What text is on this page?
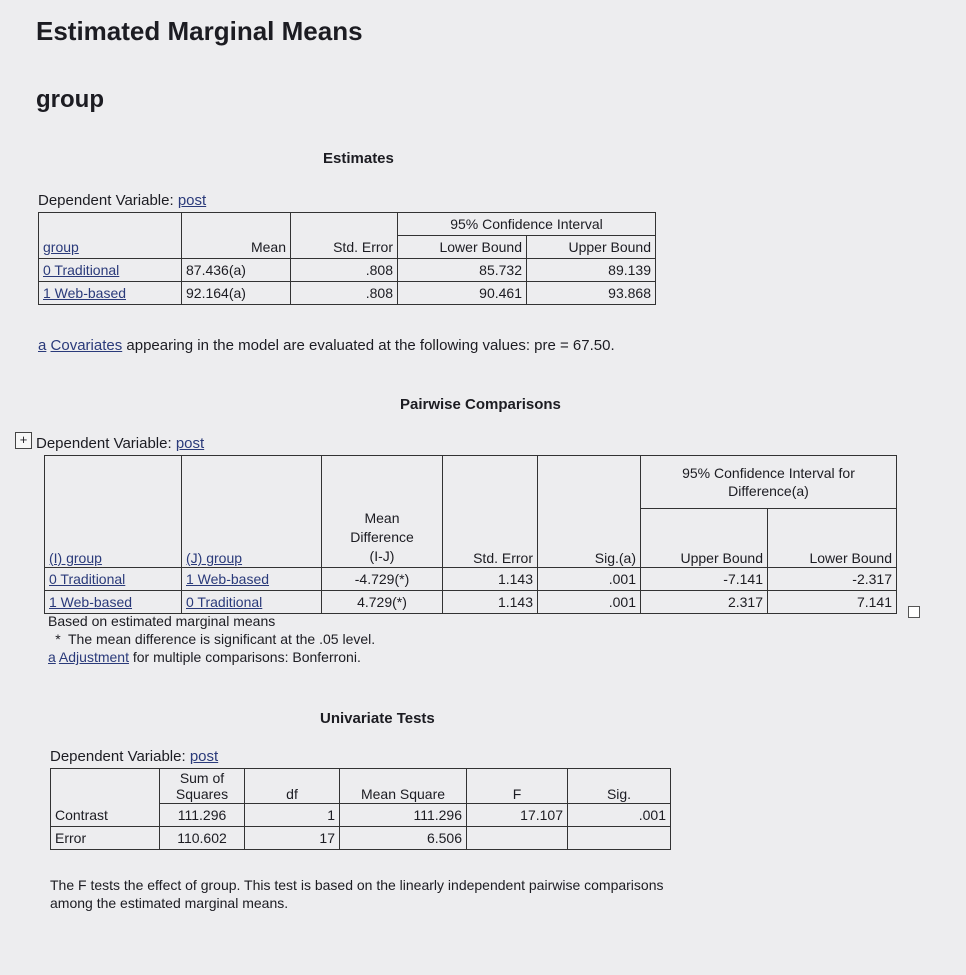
Estimated Marginal Means
group
Estimates
Dependent Variable: post
			95% Confidence Interval	
group	Mean	Std. Error	Lower Bound	Upper Bound
0 Traditional	87.436(a)	.808	85.732	89.139
1 Web-based	92.164(a)	.808	90.461	93.868
a Covariates appearing in the model are evaluated at the following values: pre = 67.50.
Pairwise Comparisons
+ Dependent Variable: post
					95% Confidence Interval for Difference(a)	
(I) group	(J) group	Mean
Difference
(I-J)	Std. Error	Sig.(a)	Upper Bound	Lower Bound
0 Traditional	1 Web-based	-4.729(*)	1.143	.001	-7.141	-2.317
1 Web-based	0 Traditional	4.729(*)	1.143	.001	2.317	7.141
Based on estimated marginal means
* The mean difference is significant at the .05 level.
a Adjustment for multiple comparisons: Bonferroni.
Univariate Tests
Dependent Variable: post

	Sum of
Squares	df	Mean Square	F	Sig.
Contrast	111.296	1	111.296	17.107	.001
Error	110.602	17	6.506		
The F tests the effect of group. This test is based on the linearly independent pairwise comparisons among the estimated marginal means.
